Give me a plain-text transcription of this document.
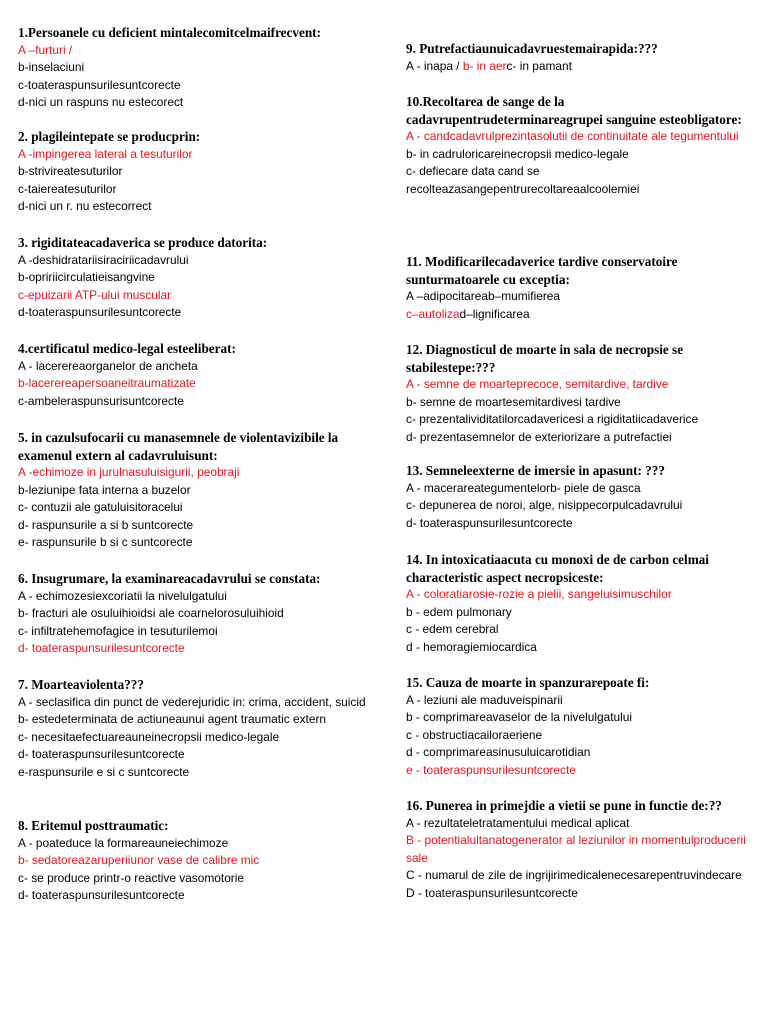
1.Persoanele cu deficient mintalecomitcelmaifrecvent:

A –furturi /

b-inselaciuni

c-toateraspunsurilesuntcorecte

d-nici un raspuns nu estecorect

2. plagileintepate se producprin:

A -impingerea lateral a tesuturilor

b-strivireatesuturilor

c-taiereatesuturilor

d-nici un r. nu estecorrect

3. rigiditateacadaverica se produce datorita:

A -deshidratariisiraciriicadavrului

b-opririicirculatieisangvine

c-epuizarii ATP-ului muscular

d-toateraspunsurilesuntcorecte

4.certificatul medico-legal esteeliberat:

A - lacerereaorganelor de ancheta

b-lacerereapersoaneitraumatizate

c-ambeleraspunsurisuntcorecte

5. in cazulsufocarii cu manasemnele de violentavizibile la examenul extern al cadavruluisunt:

A -echimoze in jurulnasuluisigurii, peobraji

b-leziunipe fata interna a buzelor

c- contuzii ale gatuluisitoracelui

d- raspunsurile a si b suntcorecte

e- raspunsurile b si c suntcorecte

6. Insugrumare, la examinareacadavrului se constata:

A - echimozesiexcoriatii la nivelulgatului

b- fracturi ale osuluihioidsi ale coarnelorosuluihioid

c- infiltratehemofagice in tesuturilemoi

d- toateraspunsurilesuntcorecte

7. Moarteaviolenta???

A - seclasifica din punct de vederejuridic in: crima, accident, suicid

b- estedeterminata de actiuneaunui agent traumatic extern

c- necesitaefectuareauneinecropsii medico-legale

d- toateraspunsurilesuntcorecte

e-raspunsurile e si c suntcorecte

8. Eritemul posttraumatic:

A - poateduce la formareauneiechimoze

b- sedatoreazaruperiiunor vase de calibre mic

c- se produce printr-o reactive vasomotorie

d- toateraspunsurilesuntcorecte

9. Putrefactiaunuicadavruestemairapida:???

A - inapa / b- in aerc- in pamant

10.Recoltarea de sange de la cadavrupentrudeterminareagrupei sanguine esteobligatore:

A - candcadavrulprezintasolutii de continuitate ale tegumentului

b- in cadruloricareinecropsii medico-legale

c- defiecare data cand se recolteazasangepentrurecoltareaalcoolemiei

11. Modificarilecadaverice tardive conservatoire sunturmatoarele cu exceptia:

A –adipocitareab–mumifierea

c–autolizad–lignificarea

12. Diagnosticul de moarte in sala de necropsie se stabilestepe:???

A - semne de moarteprecoce, semitardive, tardive

b- semne de moartesemitardivesi tardive

c- prezentalividitatilorcadavericesi a rigiditatiicadaverice

d- prezentasemnelor de exteriorizare a putrefactiei

13. Semneleexterne de imersie in apasunt: ???

A - macerareategumentelorb- piele de gasca

c- depunerea de noroi, alge, nisippecorpulcadavrului

d- toateraspunsurilesuntcorecte

14. In intoxicatiaacuta cu monoxi de de carbon celmai characteristic aspect necropsiceste:

A - coloratiarosie-rozie a pielii, sangeluisimuschilor

b - edem pulmonary

c - edem cerebral

d - hemoragiemiocardica

15. Cauza de moarte in spanzurarepoate fi:

A - leziuni ale maduveispinarii

b - comprimareavaselor de la nivelulgatului

c - obstructiacailoraeriene

d - comprimareasinusuluicarotidian

e - toateraspunsurilesuntcorecte

16. Punerea in primejdie a vietii se pune in functie de:??

A - rezultateletratamentului medical aplicat

B - potentialultanatogenerator al leziunilor in momentulproducerii sale

C - numarul de zile de ingrijirimedicalenecesarepentruvindecare

D - toateraspunsurilesuntcorecte
